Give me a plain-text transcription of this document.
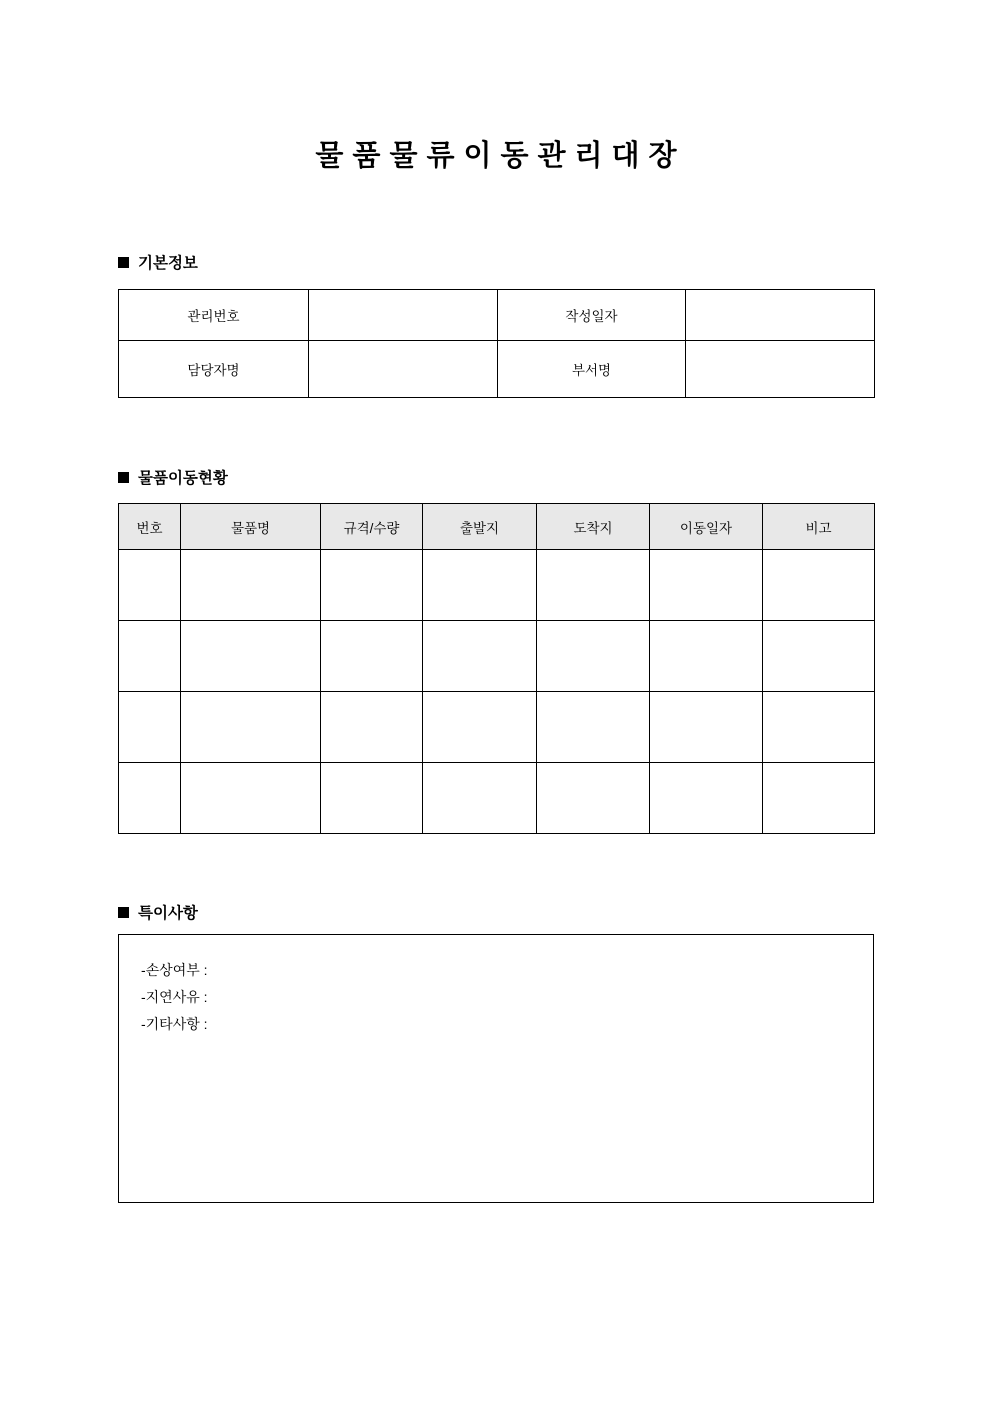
물품물류이동관리대장
기본정보
관리번호		작성일자	
담당자명		부서명	
물품이동현황
번호	물품명	규격/수량	출발지	도착지	이동일자	비고

특이사항
-손상여부 :
-지연사유 :
-기타사항 :
